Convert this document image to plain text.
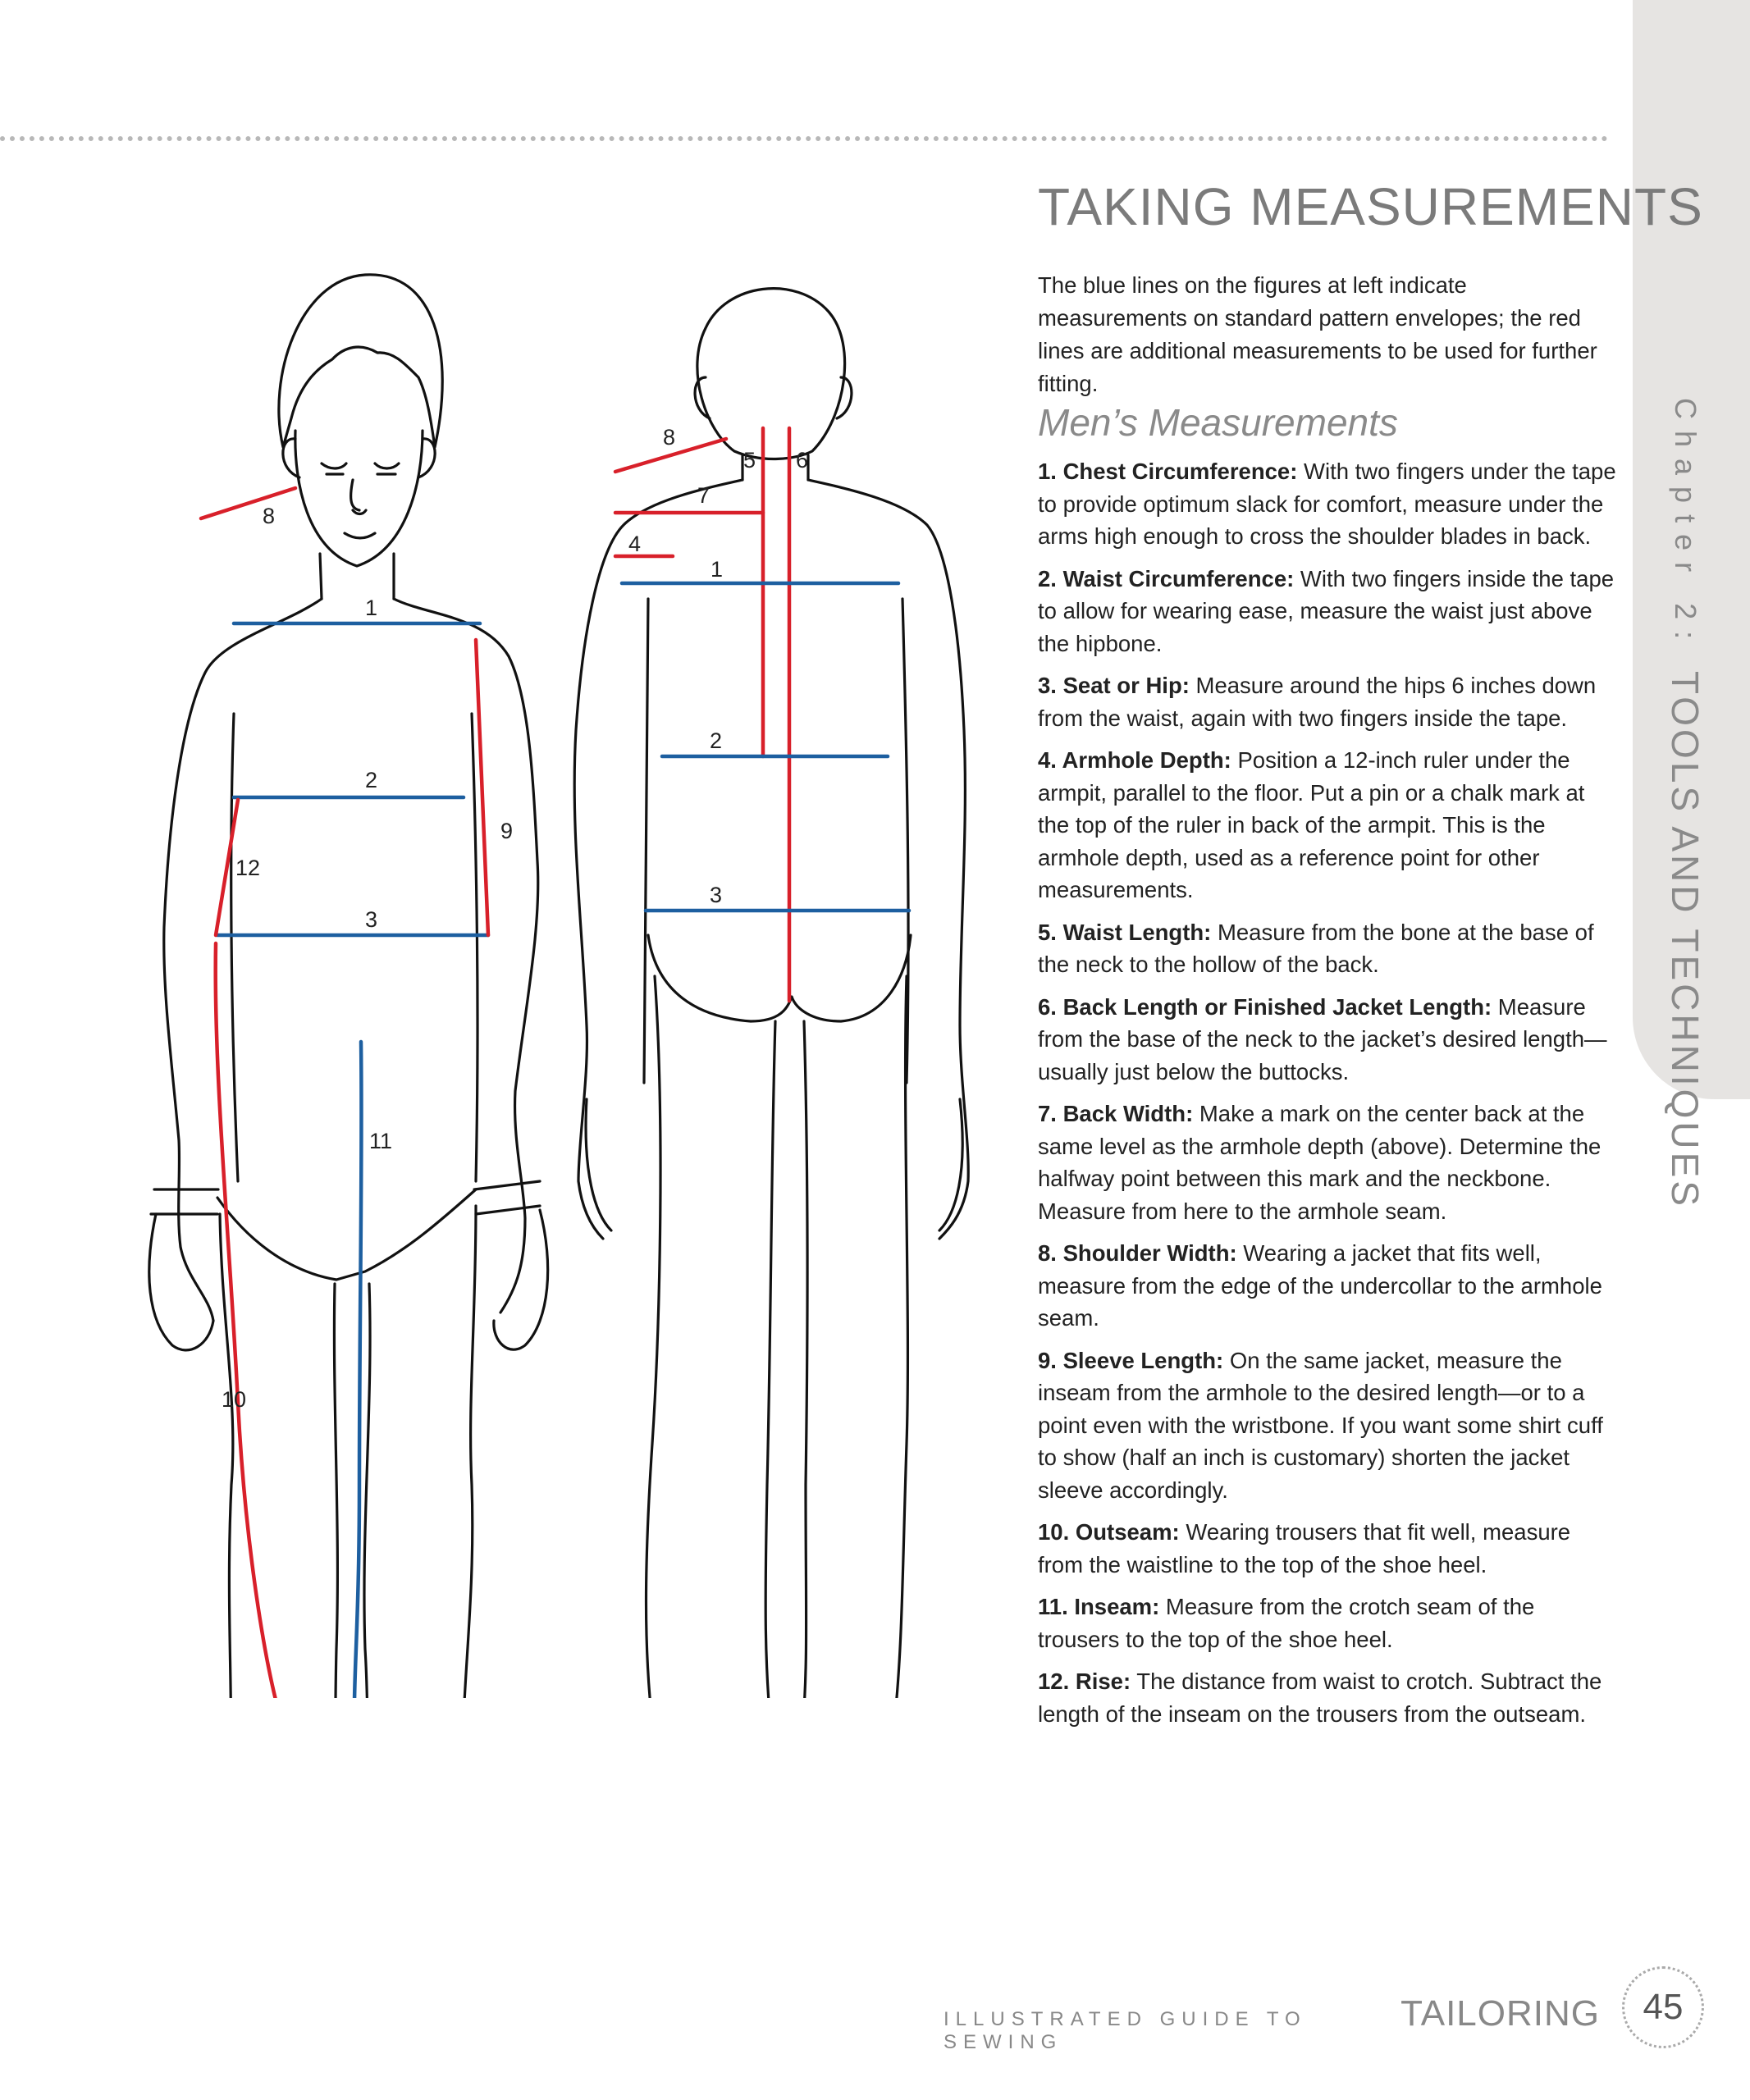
Chapter 2: TOOLS AND TECHNIQUES
8
1
2
9
12
3
11
10
8
5 6
7
4
1
2
3
TAKING MEASUREMENTS

The blue lines on the figures at left indicate measurements on standard pattern envelopes; the red lines are additional measurements to be used for further fitting.

Men’s Measurements
1. Chest Circumference: With two fingers under the tape to provide optimum slack for comfort, measure under the arms high enough to cross the shoulder blades in back.
2. Waist Circumference: With two fingers inside the tape to allow for wearing ease, measure the waist just above the hipbone.
3. Seat or Hip: Measure around the hips 6 inches down from the waist, again with two fingers inside the tape.
4. Armhole Depth: Position a 12-inch ruler under the armpit, parallel to the floor. Put a pin or a chalk mark at the top of the ruler in back of the armpit. This is the armhole depth, used as a reference point for other measurements.
5. Waist Length: Measure from the bone at the base of the neck to the hollow of the back.
6. Back Length or Finished Jacket Length: Measure from the base of the neck to the jacket’s desired length—usually just below the buttocks.
7. Back Width: Make a mark on the center back at the same level as the armhole depth (above). Determine the halfway point between this mark and the neckbone. Measure from here to the armhole seam.
8. Shoulder Width: Wearing a jacket that fits well, measure from the edge of the undercollar to the armhole seam.
9. Sleeve Length: On the same jacket, measure the inseam from the armhole to the desired length—or to a point even with the wristbone. If you want some shirt cuff to show (half an inch is customary) shorten the jacket sleeve accordingly.
10. Outseam: Wearing trousers that fit well, measure from the waistline to the top of the shoe heel.
11. Inseam: Measure from the crotch seam of the trousers to the top of the shoe heel.
12. Rise: The distance from waist to crotch. Subtract the length of the inseam on the trousers from the outseam.
ILLUSTRATED GUIDE TO SEWING
TAILORING	45
